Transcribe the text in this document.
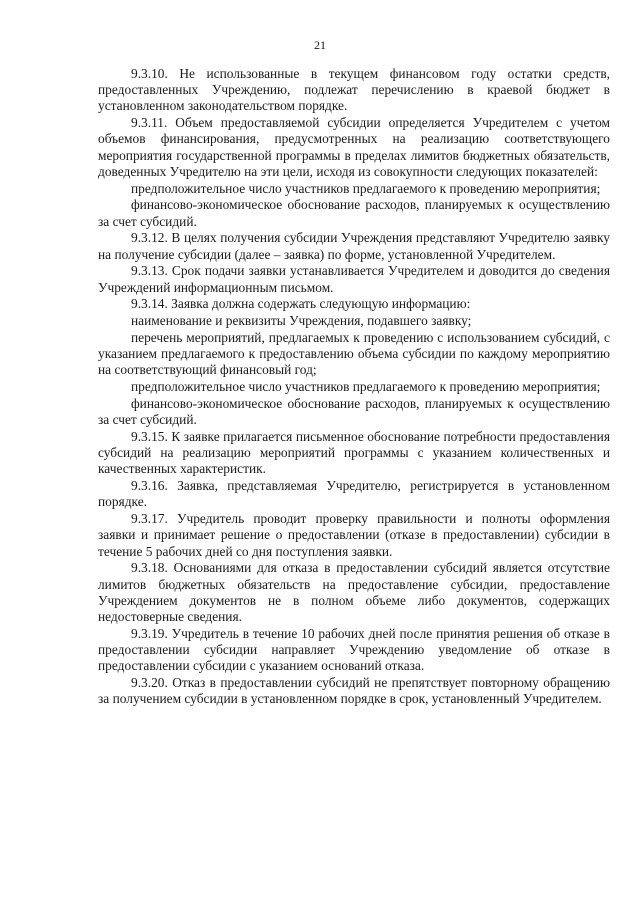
21

9.3.10. Не использованные в текущем финансовом году остатки средств, предоставленных Учреждению, подлежат перечислению в краевой бюджет в установленном законодательством порядке.

9.3.11. Объем предоставляемой субсидии определяется Учредителем с учетом объемов финансирования, предусмотренных на реализацию соответствующего мероприятия государственной программы в пределах лимитов бюджетных обязательств, доведенных Учредителю на эти цели, исходя из совокупности следующих показателей:

предположительное число участников предлагаемого к проведению мероприятия;

финансово-экономическое обоснование расходов, планируемых к осуществлению за счет субсидий.

9.3.12. В целях получения субсидии Учреждения представляют Учредителю заявку на получение субсидии (далее – заявка) по форме, установленной Учредителем.

9.3.13. Срок подачи заявки устанавливается Учредителем и доводится до сведения Учреждений информационным письмом.

9.3.14. Заявка должна содержать следующую информацию:

наименование и реквизиты Учреждения, подавшего заявку;

перечень мероприятий, предлагаемых к проведению с использованием субсидий, с указанием предлагаемого к предоставлению объема субсидии по каждому мероприятию на соответствующий финансовый год;

предположительное число участников предлагаемого к проведению мероприятия;

финансово-экономическое обоснование расходов, планируемых к осуществлению за счет субсидий.

9.3.15. К заявке прилагается письменное обоснование потребности предоставления субсидий на реализацию мероприятий программы с указанием количественных и качественных характеристик.

9.3.16. Заявка, представляемая Учредителю, регистрируется в установленном порядке.

9.3.17. Учредитель проводит проверку правильности и полноты оформления заявки и принимает решение о предоставлении (отказе в предоставлении) субсидии в течение 5 рабочих дней со дня поступления заявки.

9.3.18. Основаниями для отказа в предоставлении субсидий является отсутствие лимитов бюджетных обязательств на предоставление субсидии, предоставление Учреждением документов не в полном объеме либо документов, содержащих недостоверные сведения.

9.3.19. Учредитель в течение 10 рабочих дней после принятия решения об отказе в предоставлении субсидии направляет Учреждению уведомление об отказе в предоставлении субсидии с указанием оснований отказа.

9.3.20. Отказ в предоставлении субсидий не препятствует повторному обращению за получением субсидии в установленном порядке в срок, установленный Учредителем.
